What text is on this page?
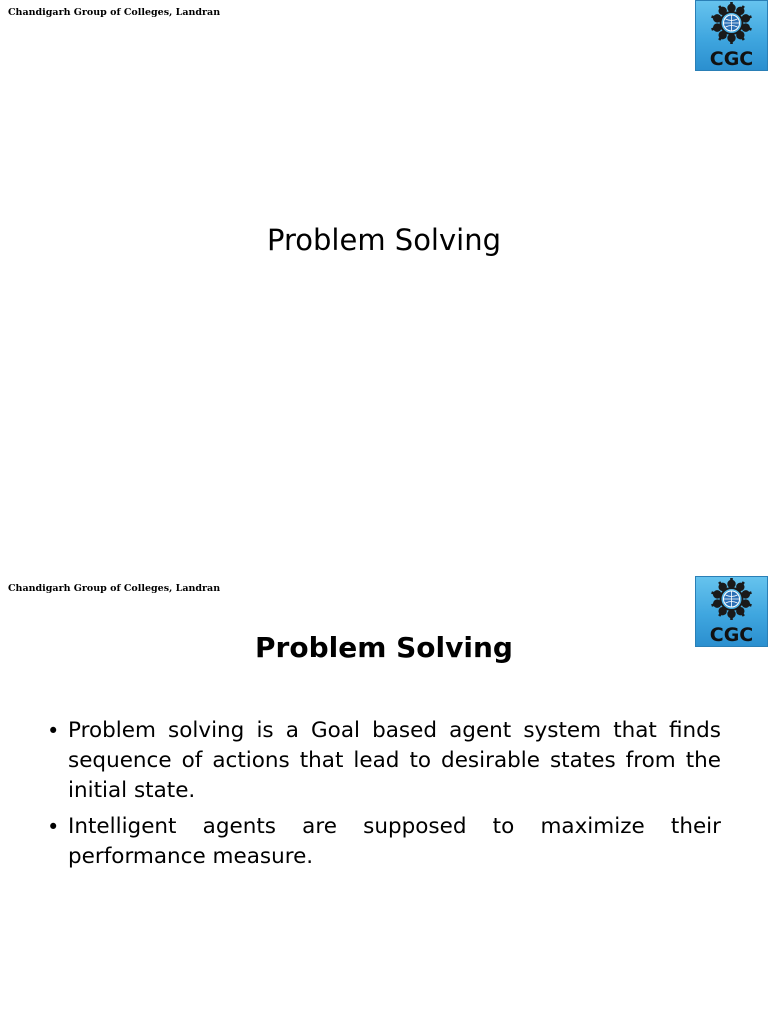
Chandigarh Group of Colleges, Landran
CGC
Problem Solving
Chandigarh Group of Colleges, Landran
CGC
Problem Solving
• Problem solving is a Goal based agent system that finds sequence of actions that lead to desirable states from the initial state.
• Intelligent agents are supposed to maximize their performance measure.
